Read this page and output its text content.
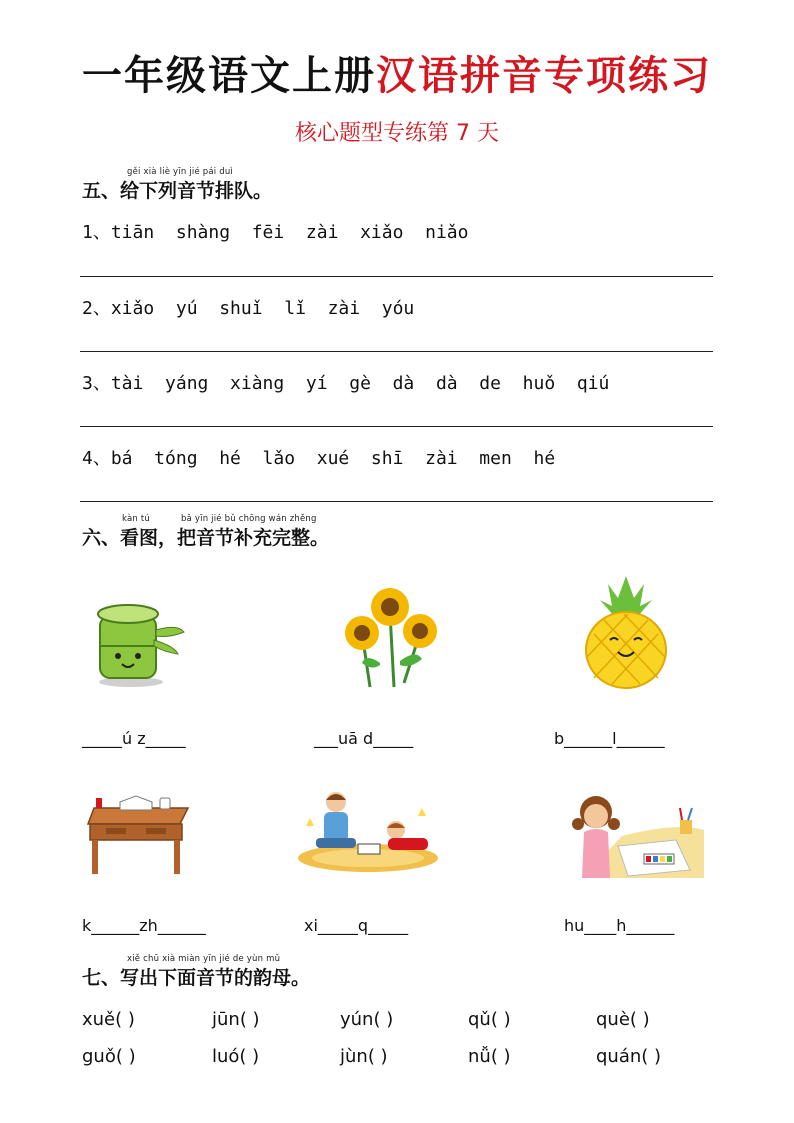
一年级语文上册汉语拼音专项练习
核心题型专练第 7 天
gěi xià liè yīn jié pái duì
五、给下列音节排队。
1、tiān  shàng  fēi  zài  xiǎo  niǎo
2、xiǎo  yú  shuǐ  lǐ  zài  yóu
3、tài  yáng  xiàng  yí  gè  dà  dà  de  huǒ  qiú
4、bá  tóng  hé  lǎo  xué  shī  zài  men  hé
kàn tú	bǎ yīn jié bǔ chōng wán zhěng
六、看图，把音节补充完整。
_____ú z_____	___uā d_____	b______l______
k______zh______	xi_____q_____	hu____h______
xiě chū xià miàn yīn jié de yùn mǔ
七、写出下面音节的韵母。
xuě( )	jūn( )	yún( )	qǔ( )	què( )
guǒ( )	luó( )	jùn( )	nǚ( )	quán( )
